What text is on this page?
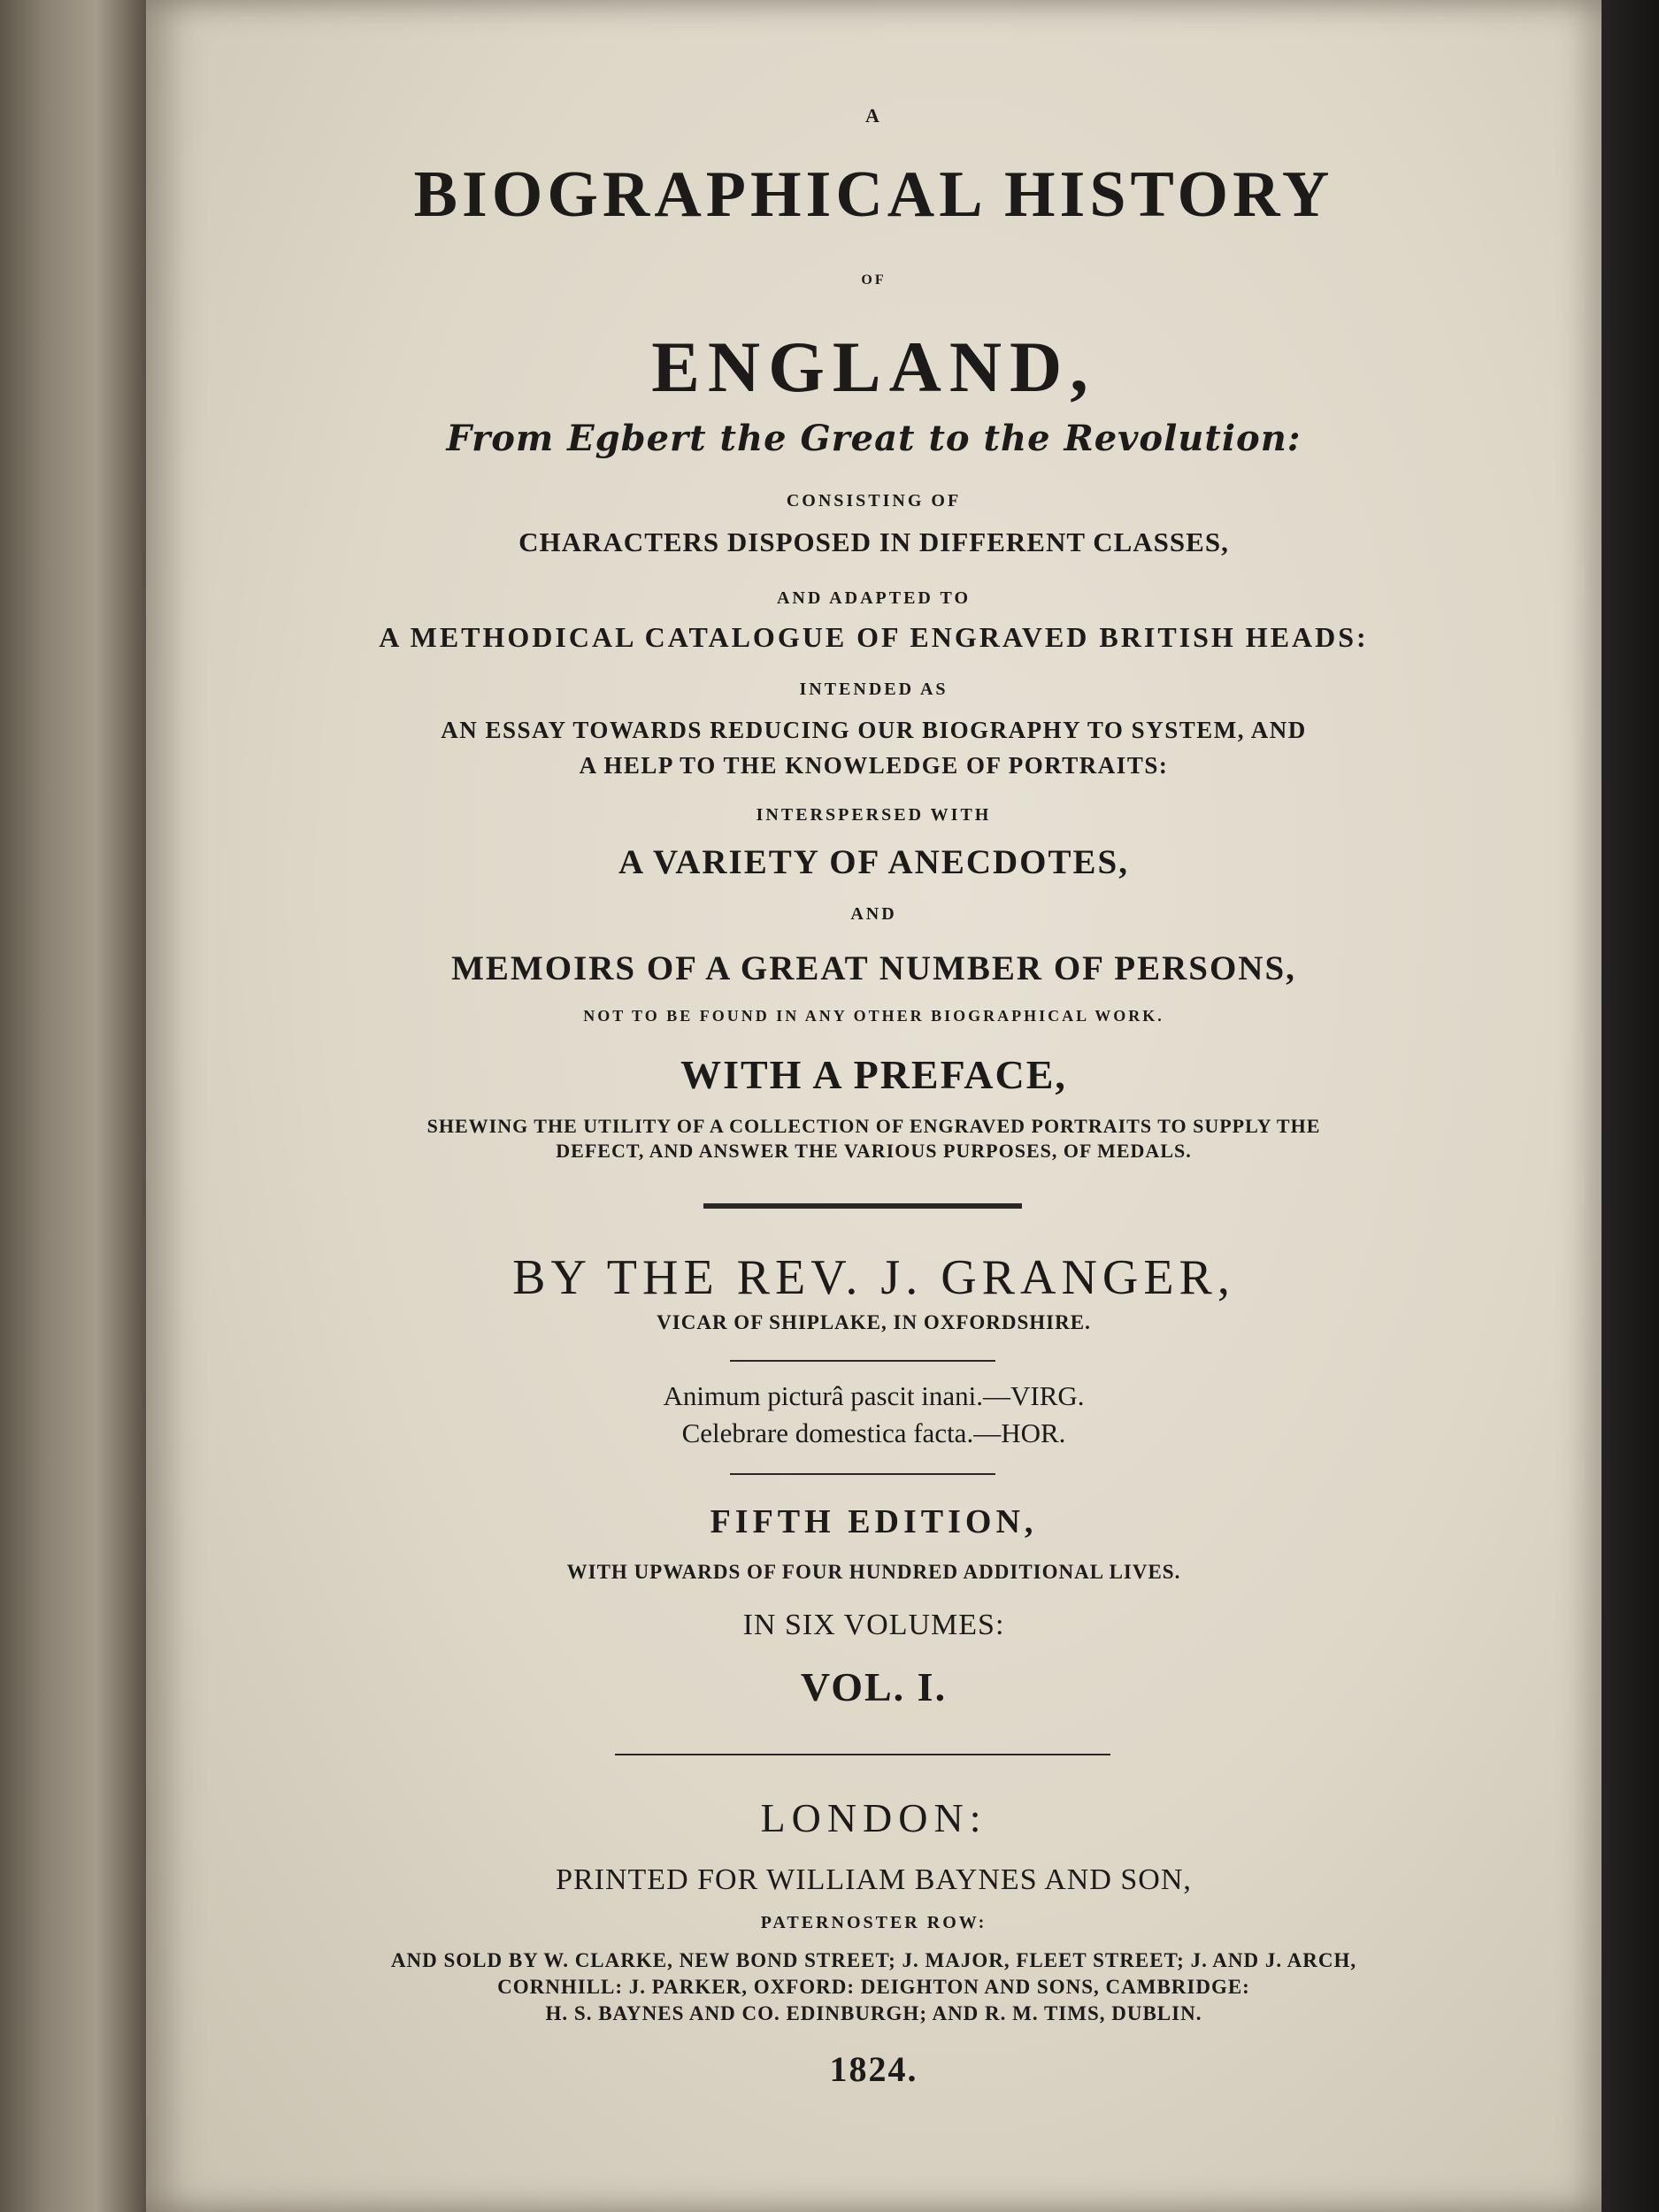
A
BIOGRAPHICAL HISTORY
OF
ENGLAND,
From Egbert the Great to the Revolution:
CONSISTING OF
CHARACTERS DISPOSED IN DIFFERENT CLASSES,
AND ADAPTED TO
A METHODICAL CATALOGUE OF ENGRAVED BRITISH HEADS:
INTENDED AS
AN ESSAY TOWARDS REDUCING OUR BIOGRAPHY TO SYSTEM, AND
A HELP TO THE KNOWLEDGE OF PORTRAITS:
INTERSPERSED WITH
A VARIETY OF ANECDOTES,
AND
MEMOIRS OF A GREAT NUMBER OF PERSONS,
NOT TO BE FOUND IN ANY OTHER BIOGRAPHICAL WORK.
WITH A PREFACE,
SHEWING THE UTILITY OF A COLLECTION OF ENGRAVED PORTRAITS TO SUPPLY THE
DEFECT, AND ANSWER THE VARIOUS PURPOSES, OF MEDALS.
BY THE REV. J. GRANGER,
VICAR OF SHIPLAKE, IN OXFORDSHIRE.
Animum picturâ pascit inani.—VIRG.
Celebrare domestica facta.—HOR.
FIFTH EDITION,
WITH UPWARDS OF FOUR HUNDRED ADDITIONAL LIVES.
IN SIX VOLUMES:
VOL. I.
LONDON:
PRINTED FOR WILLIAM BAYNES AND SON,
PATERNOSTER ROW:
AND SOLD BY W. CLARKE, NEW BOND STREET; J. MAJOR, FLEET STREET; J. AND J. ARCH,
CORNHILL: J. PARKER, OXFORD: DEIGHTON AND SONS, CAMBRIDGE:
H. S. BAYNES AND CO. EDINBURGH; AND R. M. TIMS, DUBLIN.
1824.
